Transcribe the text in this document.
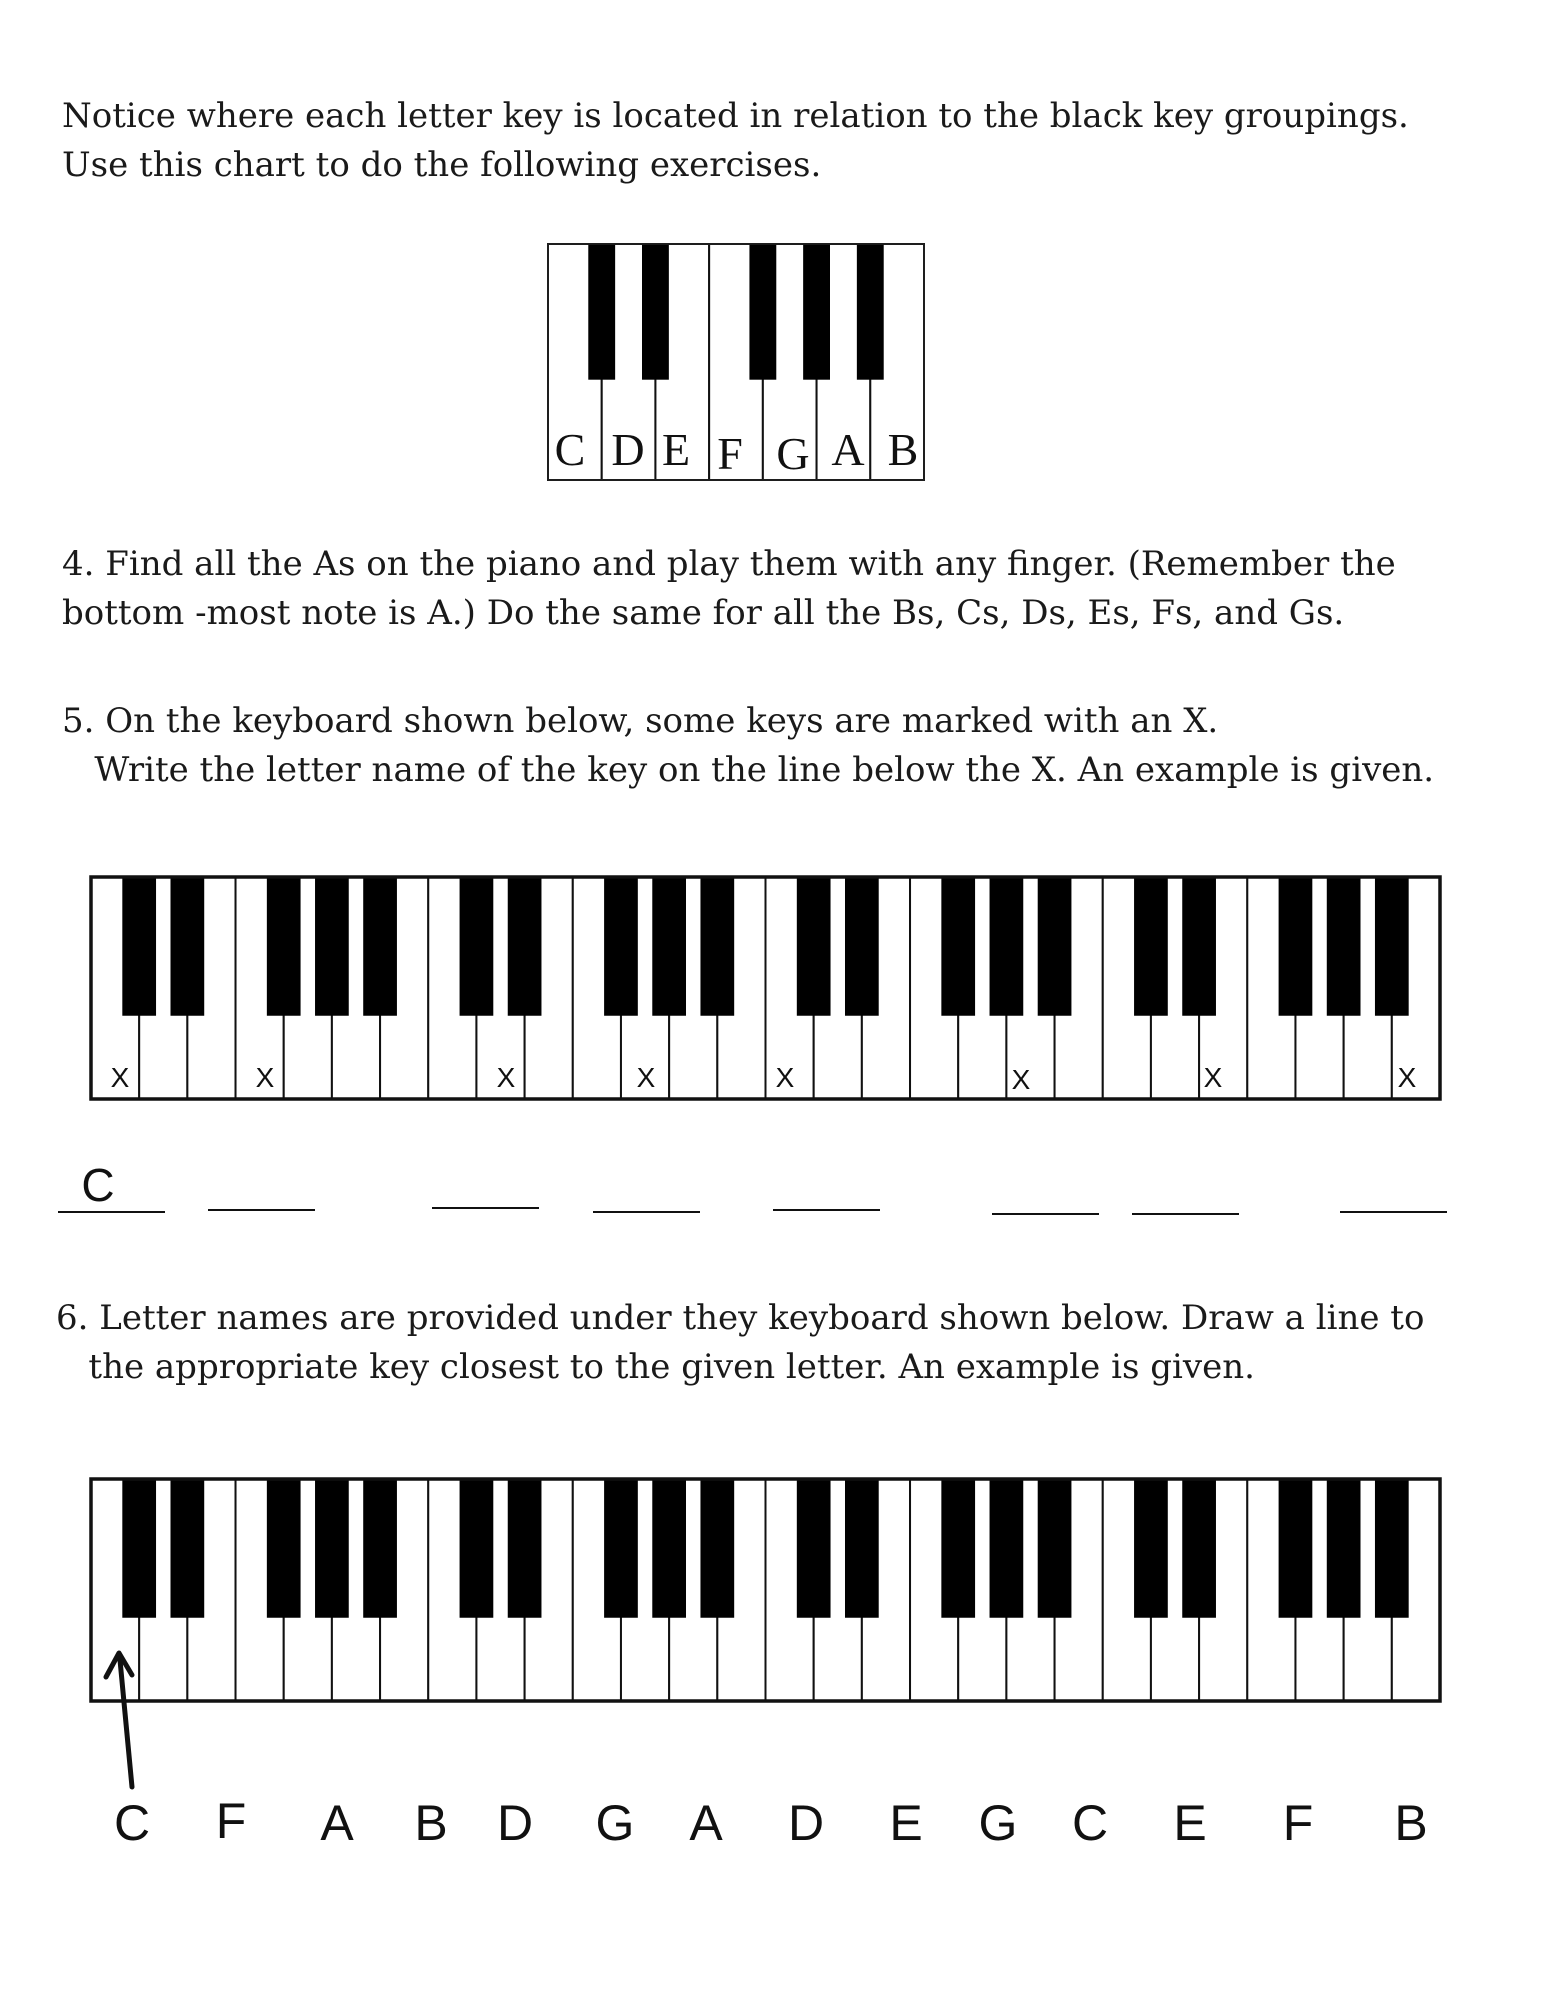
Notice where each letter key is located in relation to the black key groupings.
Use this chart to do the following exercises.

4. Find all the As on the piano and play them with any finger. (Remember the
bottom -most note is A.) Do the same for all the Bs, Cs, Ds, Es, Fs, and Gs.

5. On the keyboard shown below, some keys are marked with an X.
Write the letter name of the key on the line below the X. An example is given.

6. Letter names are provided under they keyboard shown below. Draw a line to
the appropriate key closest to the given letter. An example is given.

C D E F G A B
X	X	X	X	X	X	X	X
C
C F A B D G A D E G C E F B
